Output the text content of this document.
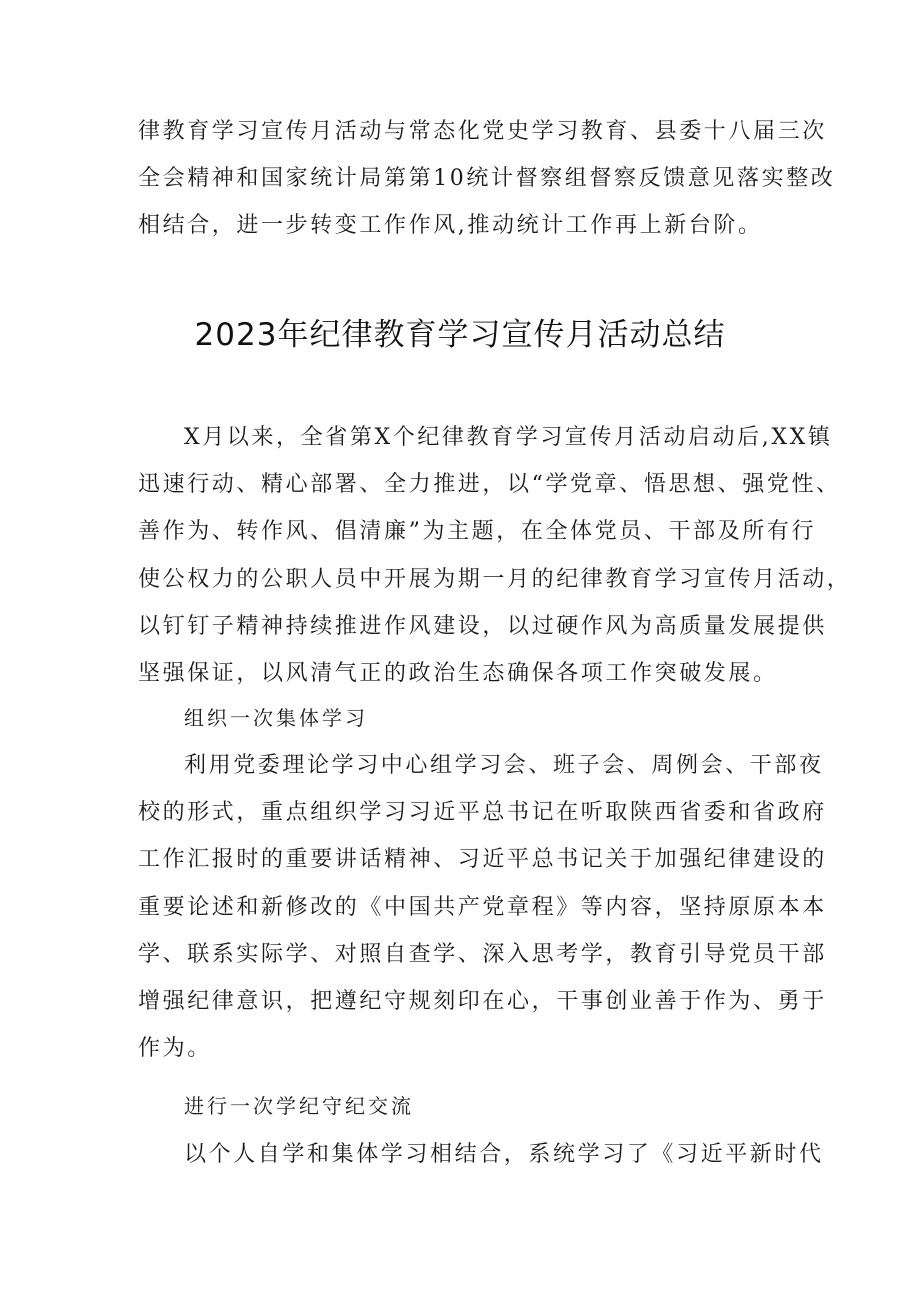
律教育学习宣传月活动与常态化党史学习教育、县委十八届三次
全会精神和国家统计局第第10统计督察组督察反馈意见落实整改
相结合，进一步转变工作作风,推动统计工作再上新台阶。
2023年纪律教育学习宣传月活动总结
X月以来，全省第X个纪律教育学习宣传月活动启动后,XX镇
迅速行动、精心部署、全力推进，以“学党章、悟思想、强党性、
善作为、转作风、倡清廉”为主题，在全体党员、干部及所有行
使公权力的公职人员中开展为期一月的纪律教育学习宣传月活动，
以钉钉子精神持续推进作风建设，以过硬作风为高质量发展提供
坚强保证，以风清气正的政治生态确保各项工作突破发展。
组织一次集体学习
利用党委理论学习中心组学习会、班子会、周例会、干部夜
校的形式，重点组织学习习近平总书记在听取陕西省委和省政府
工作汇报时的重要讲话精神、习近平总书记关于加强纪律建设的
重要论述和新修改的《中国共产党章程》等内容，坚持原原本本
学、联系实际学、对照自查学、深入思考学，教育引导党员干部
增强纪律意识，把遵纪守规刻印在心，干事创业善于作为、勇于
作为。
进行一次学纪守纪交流
以个人自学和集体学习相结合，系统学习了《习近平新时代
